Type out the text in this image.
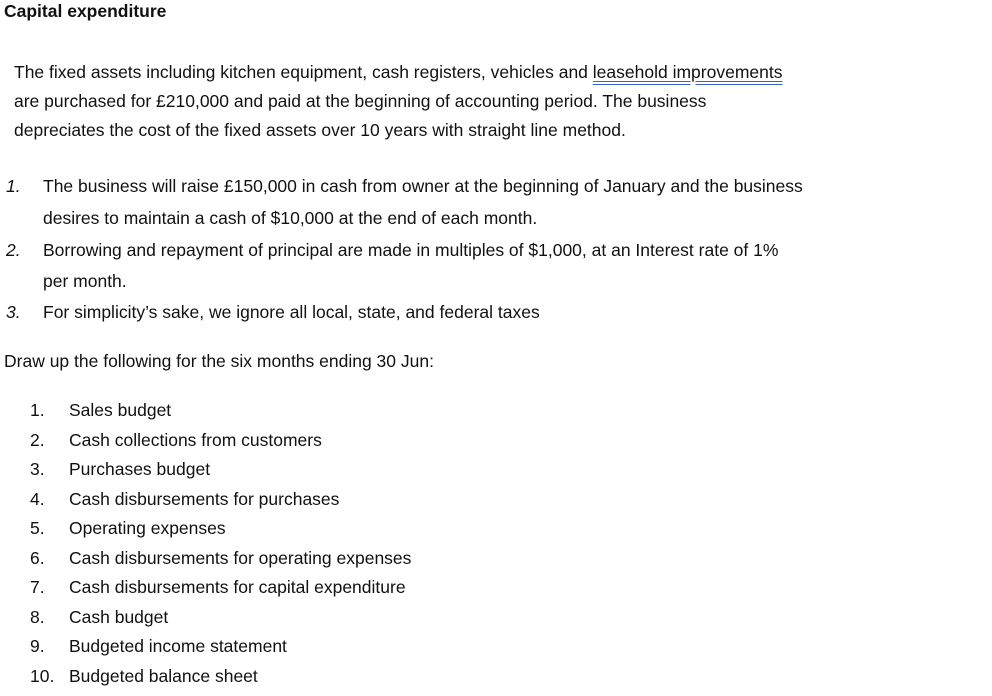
Capital expenditure
The fixed assets including kitchen equipment, cash registers, vehicles and leasehold improvements
are purchased for £210,000 and paid at the beginning of accounting period. The business
depreciates the cost of the fixed assets over 10 years with straight line method.
1. The business will raise £150,000 in cash from owner at the beginning of January and the business
desires to maintain a cash of $10,000 at the end of each month.
2. Borrowing and repayment of principal are made in multiples of $1,000, at an Interest rate of 1%
per month.
3. For simplicity’s sake, we ignore all local, state, and federal taxes
Draw up the following for the six months ending 30 Jun:
1. Sales budget
2. Cash collections from customers
3. Purchases budget
4. Cash disbursements for purchases
5. Operating expenses
6. Cash disbursements for operating expenses
7. Cash disbursements for capital expenditure
8. Cash budget
9. Budgeted income statement
10. Budgeted balance sheet
